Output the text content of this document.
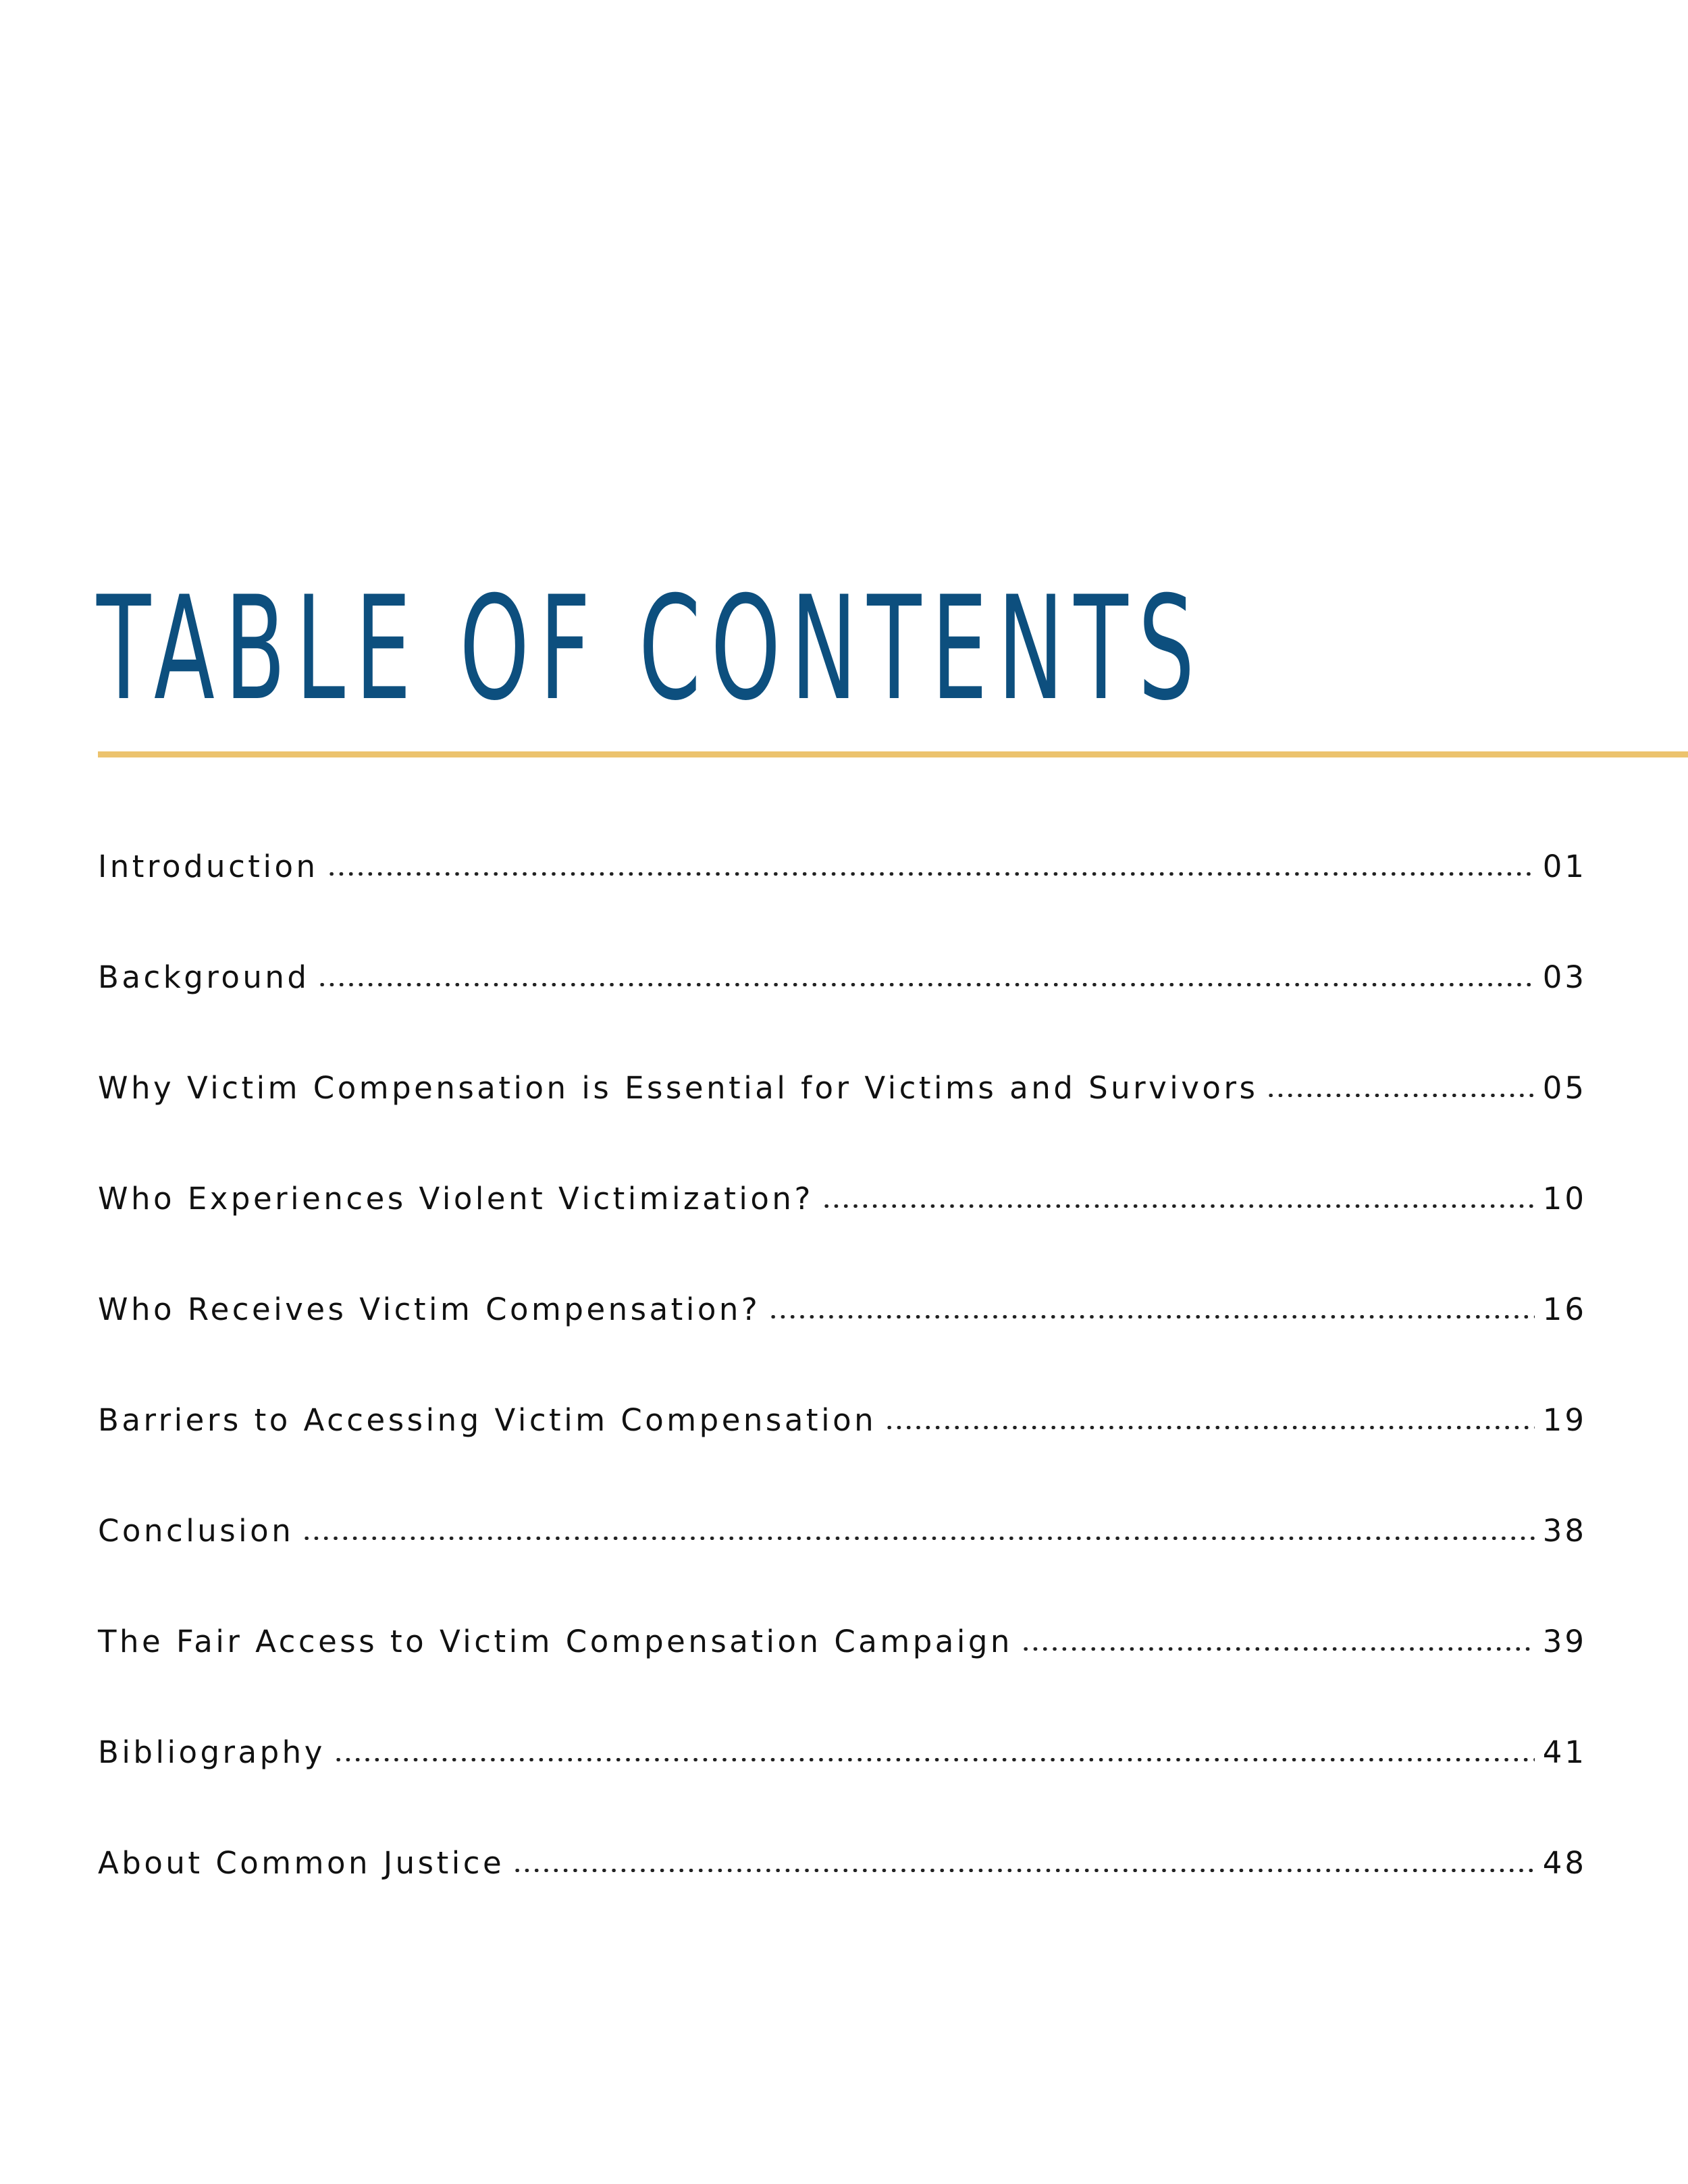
TABLE OF CONTENTS
Introduction	01
Background	03
Why Victim Compensation is Essential for Victims and Survivors	05
Who Experiences Violent Victimization?	10
Who Receives Victim Compensation?	16
Barriers to Accessing Victim Compensation	19
Conclusion	38
The Fair Access to Victim Compensation Campaign	39
Bibliography	41
About Common Justice	48
